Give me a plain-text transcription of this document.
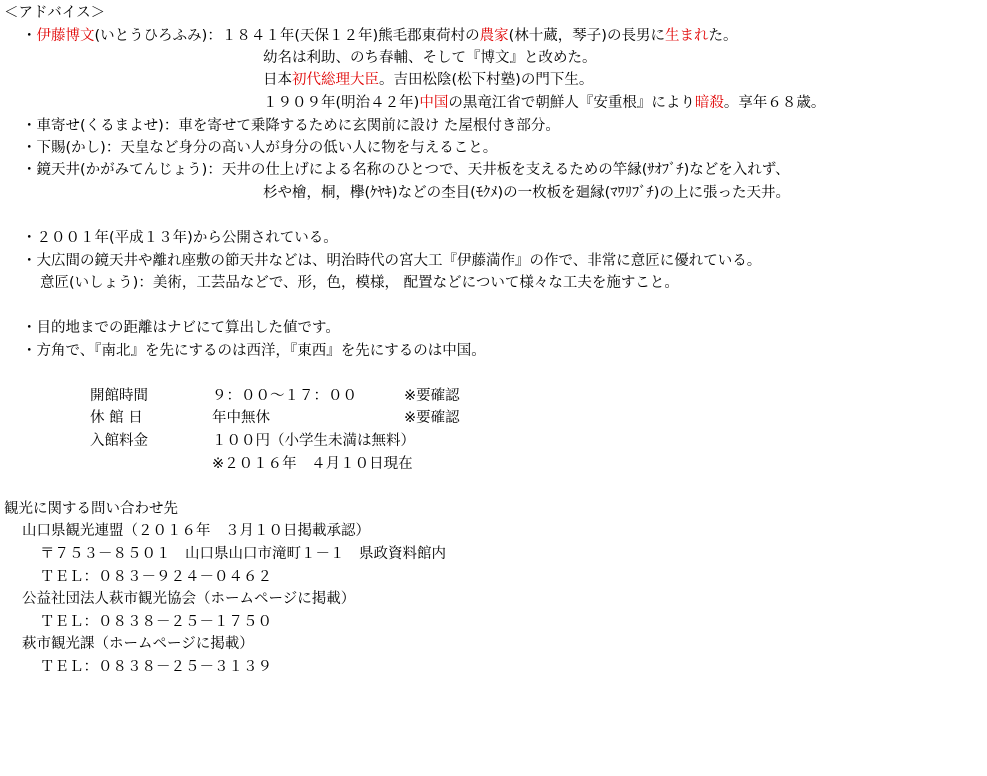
＜アドバイス＞
・伊藤博文(いとうひろふみ)：１８４１年(天保１２年)熊毛郡東荷村の農家(林十蔵，琴子)の長男に生まれた。
幼名は利助、のち春輔、そして『博文』と改めた。
日本初代総理大臣。吉田松陰(松下村塾)の門下生。
１９０９年(明治４２年)中国の黒竜江省で朝鮮人『安重根』により暗殺。享年６８歳。
・車寄せ(くるまよせ)：車を寄せて乗降するために玄関前に設け た屋根付き部分。
・下賜(かし)：天皇など身分の高い人が身分の低い人に物を与えること。
・鏡天井(かがみてんじょう)：天井の仕上げによる名称のひとつで、天井板を支えるための竿縁(ｻｵﾌﾞﾁ)などを入れず、
杉や檜，桐，欅(ｹﾔｷ)などの杢目(ﾓｸﾒ)の一枚板を廻縁(ﾏﾜﾘﾌﾞﾁ)の上に張った天井。
・２００１年(平成１３年)から公開されている。
・大広間の鏡天井や離れ座敷の節天井などは、明治時代の宮大工『伊藤満作』の作で、非常に意匠に優れている。
意匠(いしょう)：美術，工芸品などで、形，色，模様， 配置などについて様々な工夫を施すこと。
・目的地までの距離はナビにて算出した値です。
・方角で、『南北』を先にするのは西洋，『東西』を先にするのは中国。
開館時間	９：００～１７：００	※要確認
休 館 日	年中無休	※要確認
入館料金	１００円（小学生未満は無料）
※２０１６年　４月１０日現在
観光に関する問い合わせ先
山口県観光連盟（２０１６年　３月１０日掲載承認）
〒７５３－８５０１　山口県山口市滝町１－１　県政資料館内
ＴＥＬ：０８３－９２４－０４６２
公益社団法人萩市観光協会（ホームページに掲載）
ＴＥＬ：０８３８－２５－１７５０
萩市観光課（ホームページに掲載）
ＴＥＬ：０８３８－２５－３１３９
